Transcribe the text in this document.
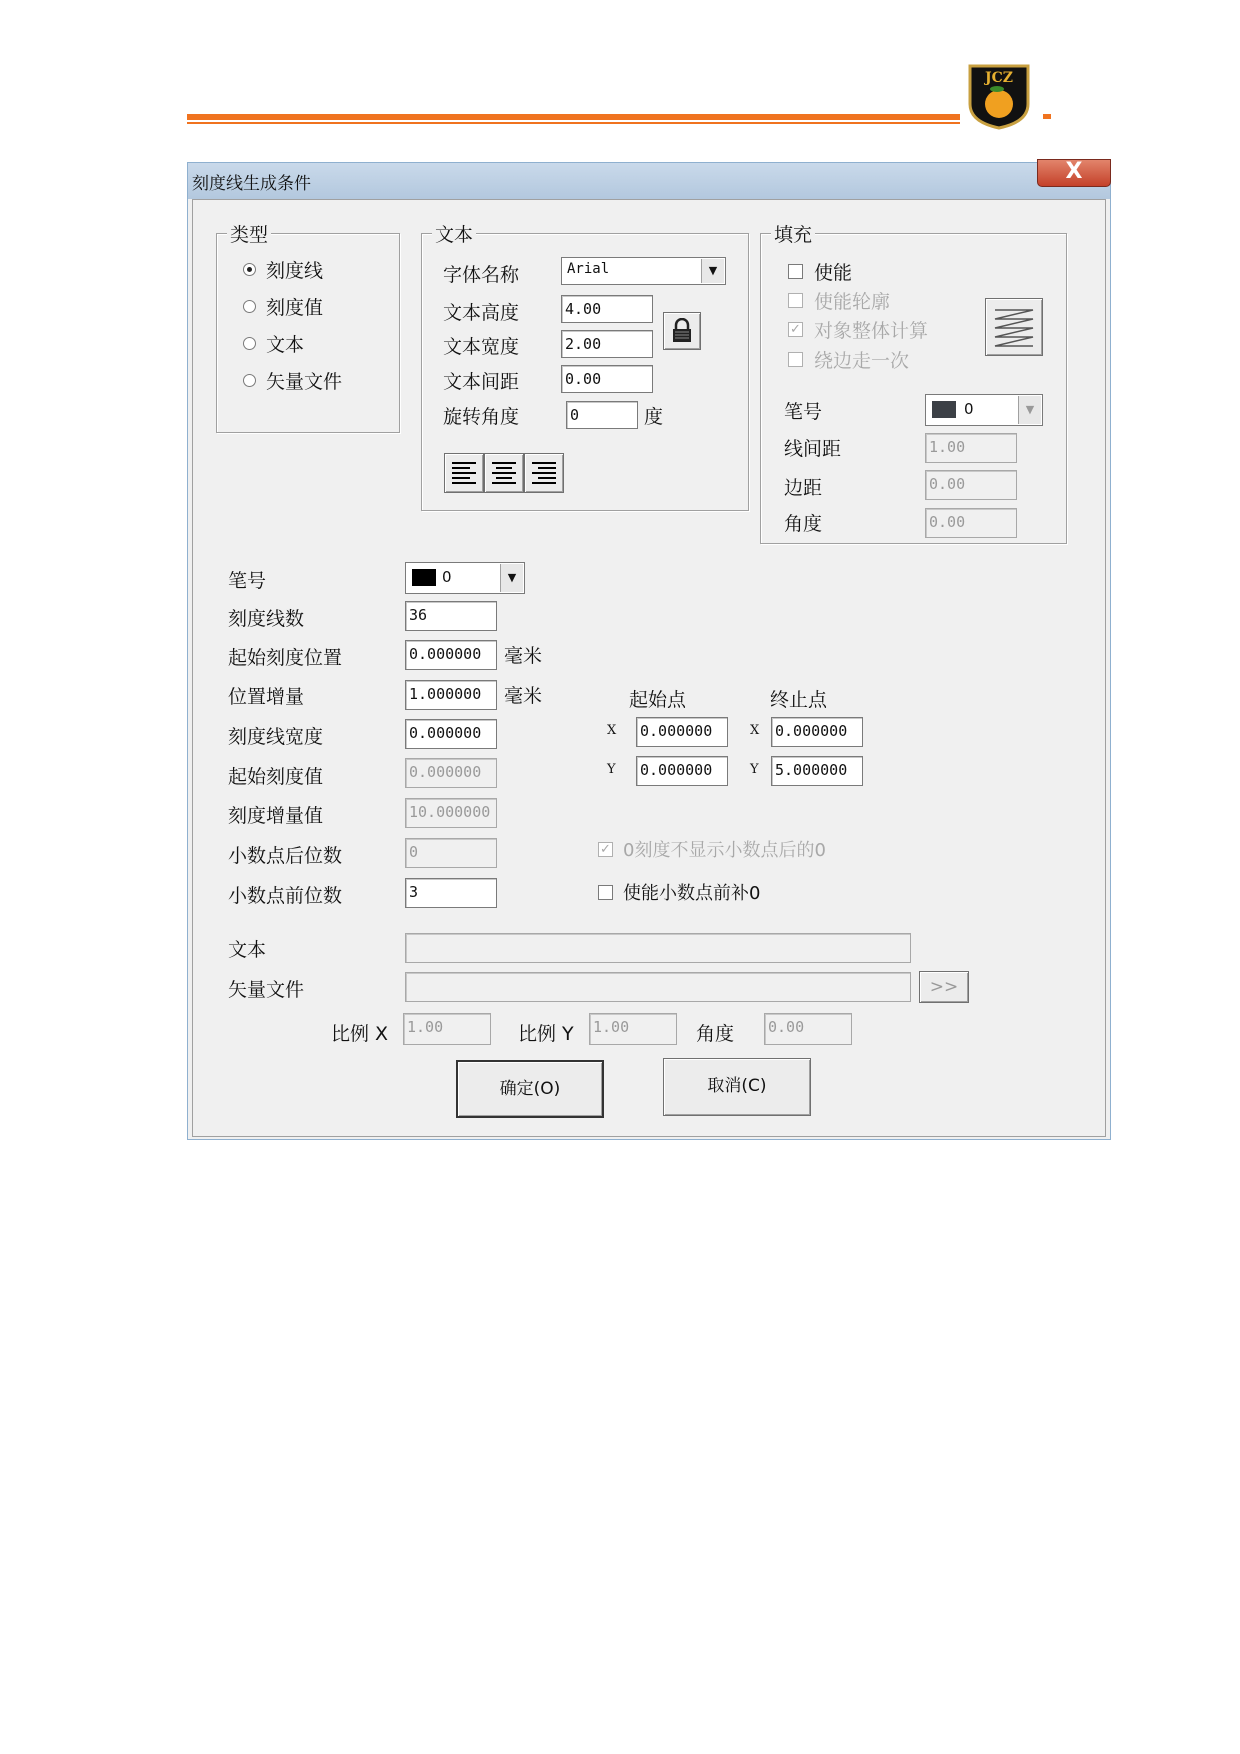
JCZ
刻度线生成条件	X
类型
刻度线
刻度值
文本
矢量文件
文本
字体名称	Arial	▼
文本高度	4.00
文本宽度	2.00
文本间距	0.00
旋转角度	0	度
填充
使能
使能轮廓
✓ 对象整体计算
绕边走一次
笔号	0	▼
线间距	1.00
边距	0.00
角度	0.00
笔号	0	▼
刻度线数	36
起始刻度位置	0.000000	毫米
位置增量	1.000000	毫米
刻度线宽度	0.000000
起始刻度值	0.000000
刻度增量值	10.000000
小数点后位数	0
小数点前位数	3
起始点	终止点
X 0.000000	X 0.000000
Y 0.000000	Y 5.000000
✓ 0刻度不显示小数点后的0
使能小数点前补0
文本
矢量文件	>>
比例 X 1.00	比例 Y 1.00	角度 0.00
确定(O)	取消(C)
